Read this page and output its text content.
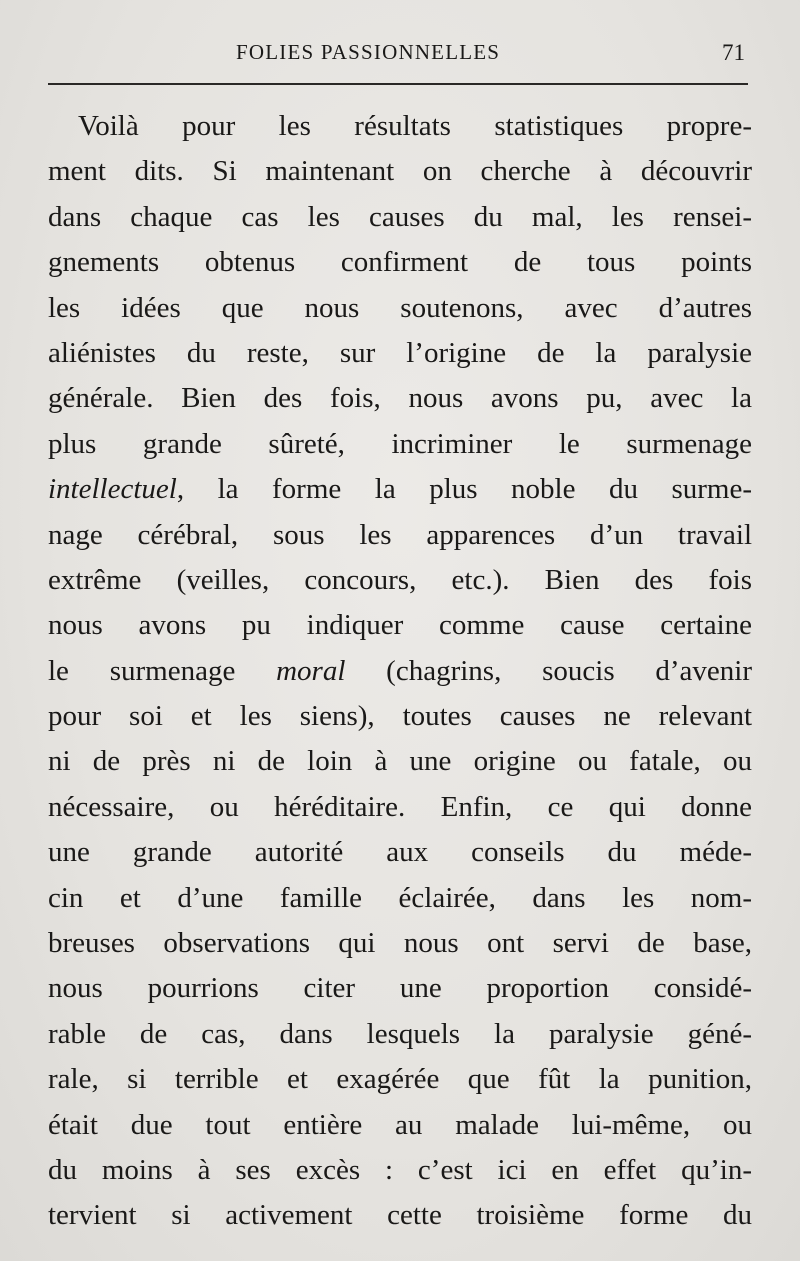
FOLIES PASSIONNELLES	71
Voilà pour les résultats statistiques propre-
ment dits. Si maintenant on cherche à découvrir
dans chaque cas les causes du mal, les rensei-
gnements obtenus confirment de tous points
les idées que nous soutenons, avec d’autres
aliénistes du reste, sur l’origine de la paralysie
générale. Bien des fois, nous avons pu, avec la
plus grande sûreté, incriminer le surmenage
intellectuel, la forme la plus noble du surme-
nage cérébral, sous les apparences d’un travail
extrême (veilles, concours, etc.). Bien des fois
nous avons pu indiquer comme cause certaine
le surmenage moral (chagrins, soucis d’avenir
pour soi et les siens), toutes causes ne relevant
ni de près ni de loin à une origine ou fatale, ou
nécessaire, ou héréditaire. Enfin, ce qui donne
une grande autorité aux conseils du méde-
cin et d’une famille éclairée, dans les nom-
breuses observations qui nous ont servi de base,
nous pourrions citer une proportion considé-
rable de cas, dans lesquels la paralysie géné-
rale, si terrible et exagérée que fût la punition,
était due tout entière au malade lui-même, ou
du moins à ses excès : c’est ici en effet qu’in-
tervient si activement cette troisième forme du
